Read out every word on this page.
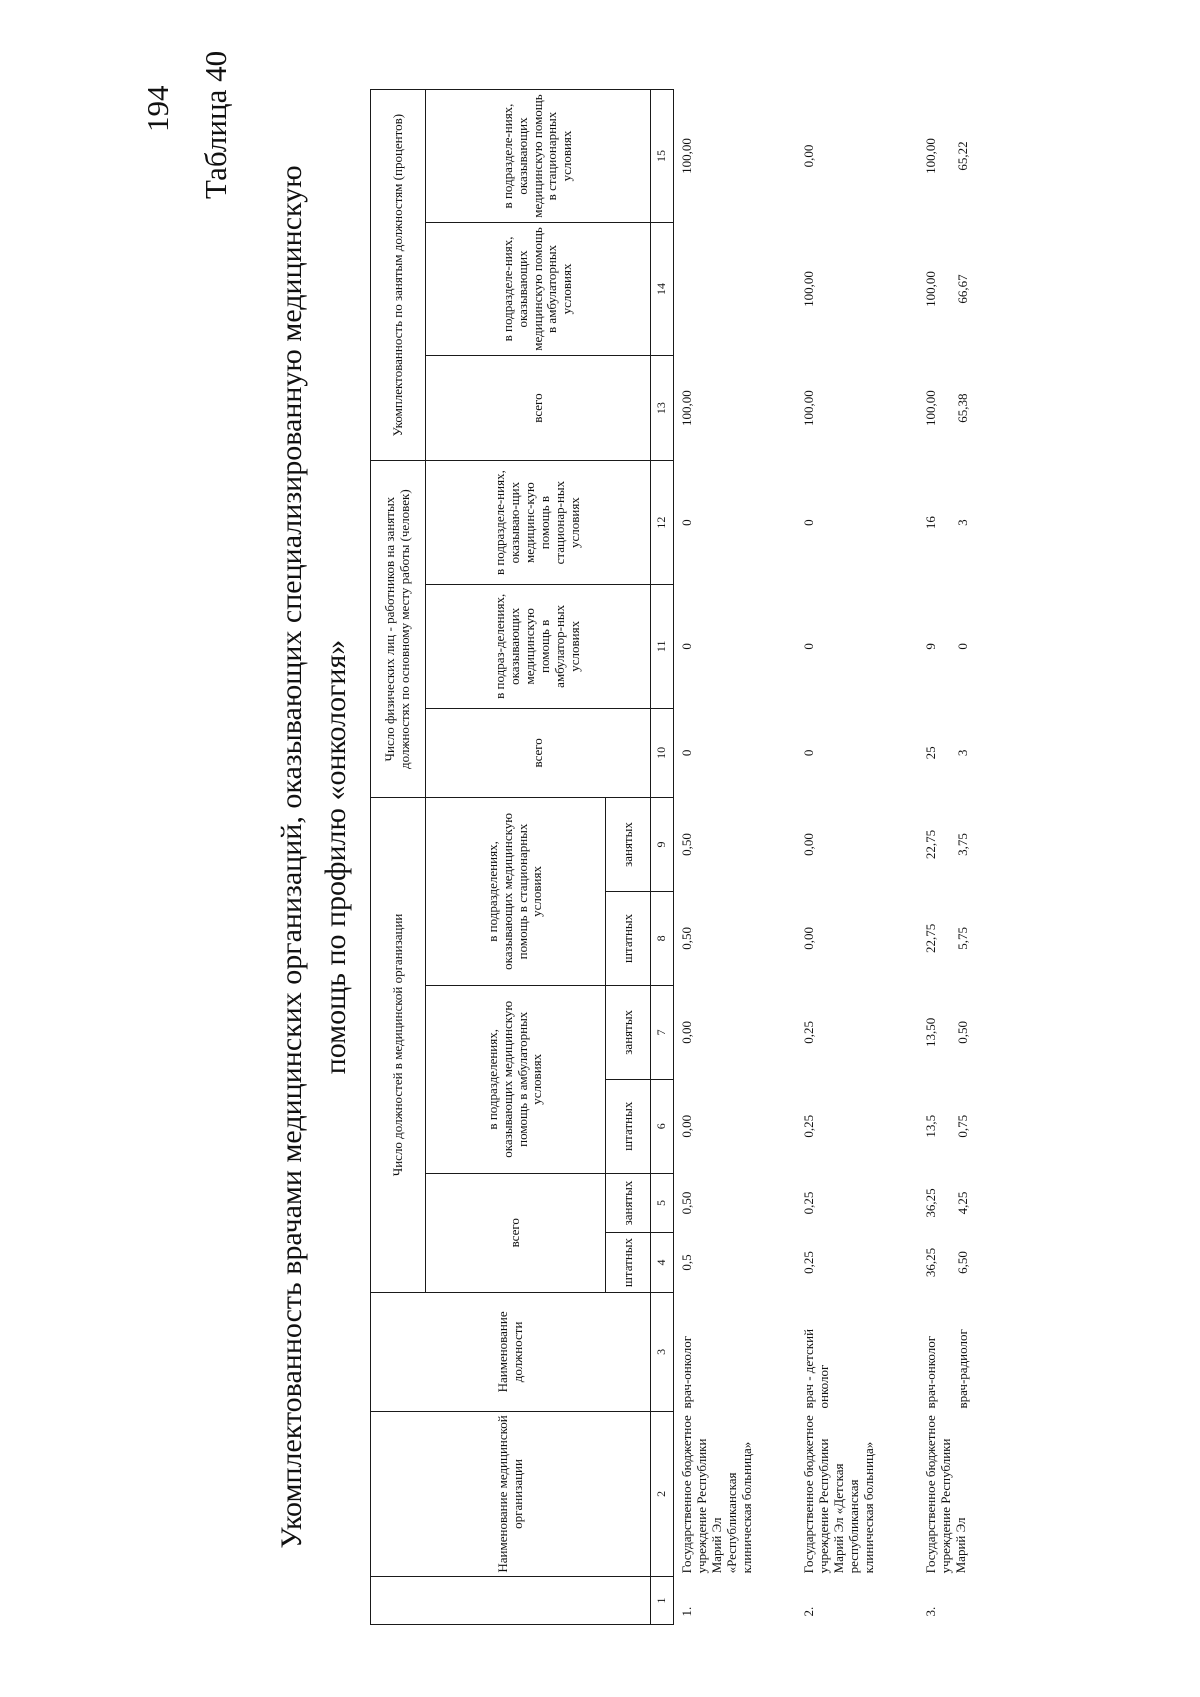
194 Таблица 40
Укомплектованность врачами медицинских организаций, оказывающих специализированную медицинскую помощь по профилю «онкология»

	Наименование медицинской организации	Наименование должности	Число должностей в медицинской организации						Число физических лиц - работников на занятых должностях по основному месту работы (человек)			Укомплектованность по занятым должностям (процентов)		
			всего		в подразделениях, оказывающих медицинскую помощь в амбулаторных условиях		в подразделениях, оказывающих медицинскую помощь в стационарных условиях		всего	в подраз-делениях, оказывающих медицинскую помощь в амбулатор-ных условиях	в подразделе-ниях, оказываю-щих медицинс-кую помощь в стационар-ных условиях	всего	в подразделе-ниях, оказывающих медицинскую помощь в амбулаторных условиях	в подразделе-ниях, оказывающих медицинскую помощь в стационарных условиях
			штатных	занятых	штатных	занятых	штатных	занятых						
1	2	3	4	5	6	7	8	9	10	11	12	13	14	15
1.	Государственное бюджетное учреждение Республики Марий Эл «Республиканская клиническая больница»	врач-онколог	0,5	0,50	0,00	0,00	0,50	0,50	0	0	0	100,00		100,00
2.	Государственное бюджетное учреждение Республики Марий Эл «Детская республиканская клиническая больница»	врач - детский онколог	0,25	0,25	0,25	0,25	0,00	0,00	0	0	0	100,00	100,00	0,00
3.	Государственное бюджетное учреждение Республики Марий Эл	врач-онколог	36,25	36,25	13,5	13,50	22,75	22,75	25	9	16	100,00	100,00	100,00
		врач-радиолог	6,50	4,25	0,75	0,50	5,75	3,75	3	0	3	65,38	66,67	65,22
